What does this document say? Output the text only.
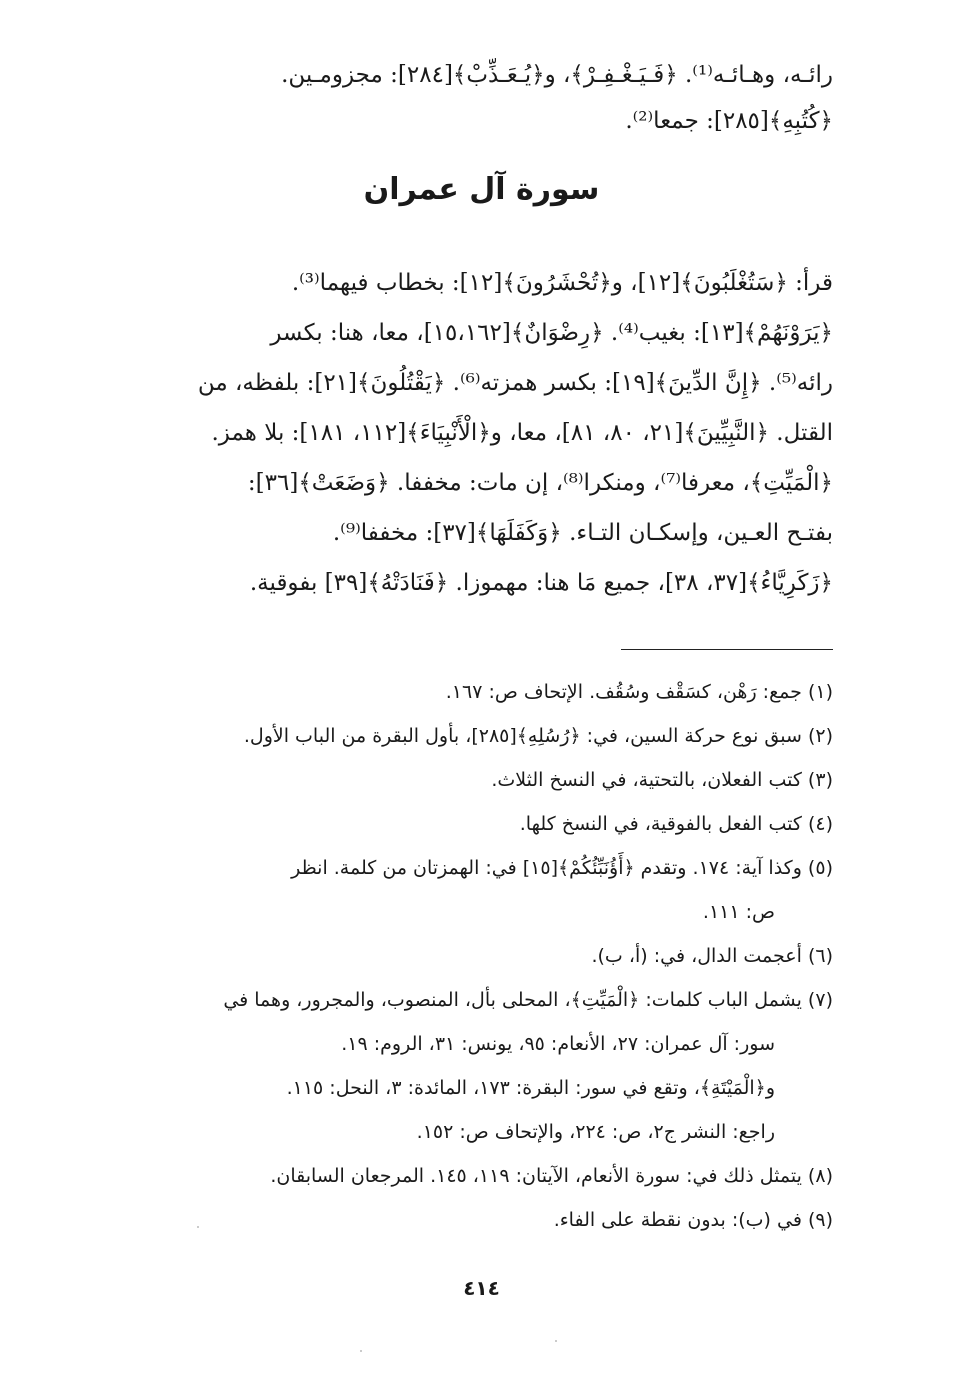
رائـه، وهـائـه⁽¹⁾. ﴿فَـيَـغْـفِـرْ﴾، و﴿يُـعَـذِّبْ﴾[٢٨٤]: مجزومـين.
﴿كُتُبِهِ﴾[٢٨٥]: جمعا⁽²⁾.
سورة آل عمران
قرأ: ﴿سَتُغْلَبُونَ﴾[١٢]، و﴿تُحْشَرُونَ﴾[١٢]: بخطاب فيهما⁽³⁾.
﴿يَرَوْنَهُمْ﴾[١٣]: بغيب⁽⁴⁾. ﴿رِضْوَانٌ﴾[١٥،١٦٢]، معا، هنا: بكسر
رائه⁽⁵⁾. ﴿إِنَّ الدِّينَ﴾[١٩]: بكسر همزته⁽⁶⁾. ﴿يَقْتُلُونَ﴾[٢١]: بلفظه، من
القتل. ﴿النَّبِيِّينَ﴾[٢١، ٨٠، ٨١]، معا، و﴿الْأَنْبِيَاءَ﴾[١١٢، ١٨١]: بلا همز.
﴿الْمَيِّتِ﴾، معرفا⁽⁷⁾، ومنكرا⁽⁸⁾، إن مات: مخففا. ﴿وَضَعَتْ﴾[٣٦]:
بفتـح العـين، وإسكـان التـاء. ﴿وَكَفَلَهَا﴾[٣٧]: مخففا⁽⁹⁾.
﴿زَكَرِيَّاءُ﴾[٣٧، ٣٨]، جميع مَا هنا: مهموزا. ﴿فَنَادَتْهُ﴾[٣٩] بفوقية.
(١) جمع: رَهْن، كسَقْف وسُقُف. الإتحاف ص: ١٦٧.
(٢) سبق نوع حركة السين، في: ﴿رُسُلِهِ﴾[٢٨٥]، بأول البقرة من الباب الأول.
(٣) كتب الفعلان، بالتحتية، في النسخ الثلاث.
(٤) كتب الفعل بالفوقية، في النسخ كلها.
(٥) وكذا آية: ١٧٤. وتقدم ﴿أَؤُنَبِّئُكُمْ﴾[١٥] في: الهمزتان من كلمة. انظر
ص: ١١١.
(٦) أعجمت الدال، في: (أ، ب).
(٧) يشمل الباب كلمات: ﴿الْمَيِّتِ﴾، المحلى بأل، المنصوب، والمجرور، وهما في
سور: آل عمران: ٢٧، الأنعام: ٩٥، يونس: ٣١، الروم: ١٩.
و﴿الْمَيْتَةِ﴾، وتقع في سور: البقرة: ١٧٣، المائدة: ٣، النحل: ١١٥.
راجع: النشر ج٢، ص: ٢٢٤، والإتحاف ص: ١٥٢.
(٨) يتمثل ذلك في: سورة الأنعام، الآيتان: ١١٩، ١٤٥. المرجعان السابقان.
(٩) في (ب): بدون نقطة على الفاء.
٤١٤
